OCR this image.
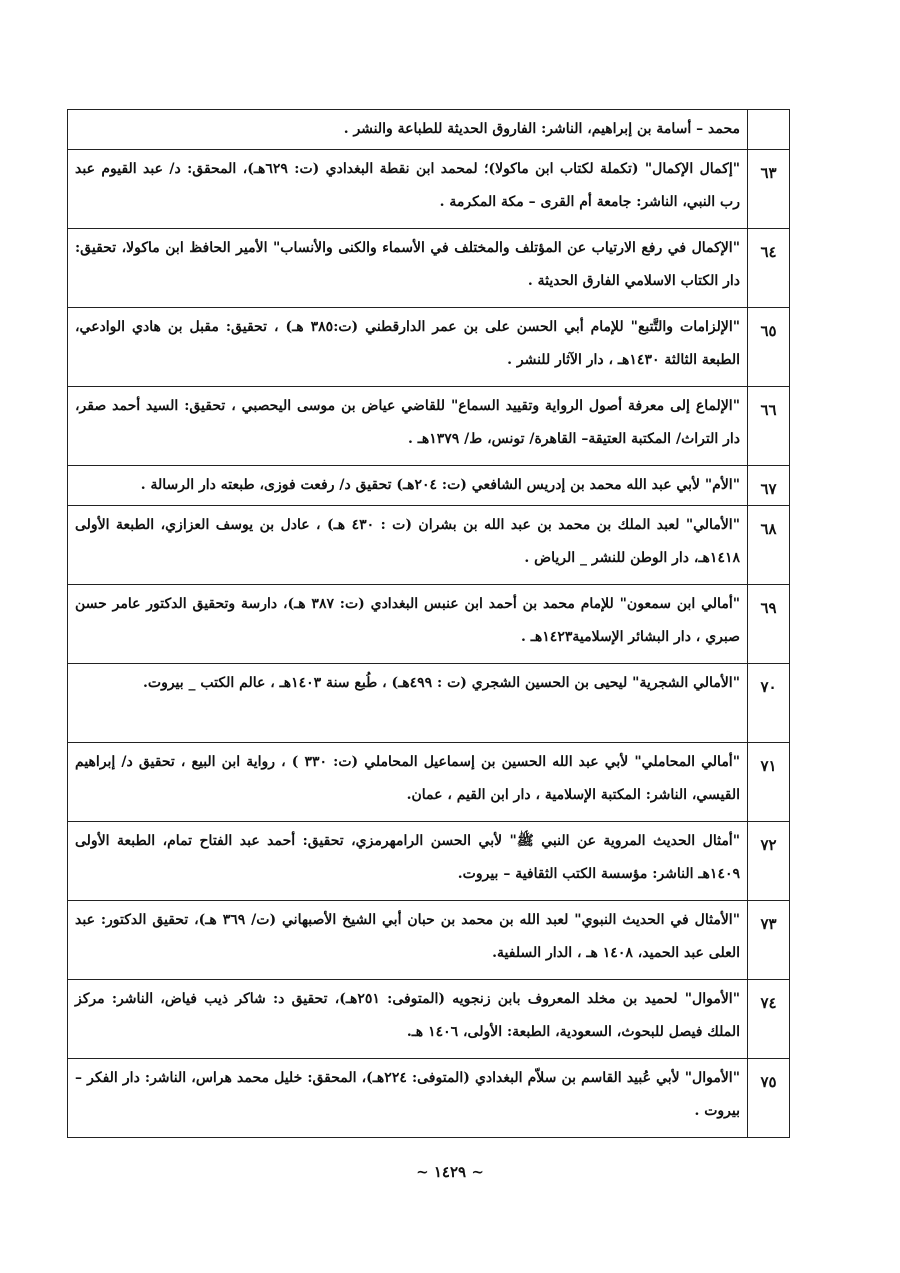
	محمد – أسامة بن إبراهيم، الناشر: الفاروق الحديثة للطباعة والنشر .
٦٣	"إكمال الإكمال" (تكملة لكتاب ابن ماكولا)؛ لمحمد ابن نقطة البغدادي (ت: ٦٢٩هـ)، المحقق: د/ عبد القيوم عبد رب النبي، الناشر: جامعة أم القرى – مكة المكرمة .
٦٤	"الإكمال في رفع الارتياب عن المؤتلف والمختلف في الأسماء والكنى والأنساب" الأمير الحافظ ابن ماكولا، تحقيق: دار الكتاب الاسلامي الفارق الحديثة .
٦٥	"الإلزامات والتَّتبع" للإمام أبي الحسن على بن عمر الدارقطني (ت:٣٨٥ هـ) ، تحقيق: مقبل بن هادي الوادعي، الطبعة الثالثة ١٤٣٠هـ ، دار الآثار للنشر .
٦٦	"الإلماع إلى معرفة أصول الرواية وتقييد السماع" للقاضي عياض بن موسى اليحصبي ، تحقيق: السيد أحمد صقر، دار التراث/ المكتبة العتيقة– القاهرة/ تونس، ط/ ١٣٧٩هـ .
٦٧	"الأم" لأبي عبد الله محمد بن إدريس الشافعي (ت: ٢٠٤هـ) تحقيق د/ رفعت فوزى، طبعته دار الرسالة .
٦٨	"الأمالي" لعبد الملك بن محمد بن عبد الله بن بشران (ت : ٤٣٠ هـ) ، عادل بن يوسف العزازي، الطبعة الأولى ١٤١٨هـ، دار الوطن للنشر _ الرياض .
٦٩	"أمالي ابن سمعون" للإمام محمد بن أحمد ابن عنبس البغدادي (ت: ٣٨٧ هـ)، دارسة وتحقيق الدكتور عامر حسن صبري ، دار البشائر الإسلامية١٤٢٣هـ .
٧٠	"الأمالي الشجرية" ليحيى بن الحسين الشجري (ت : ٤٩٩هـ) ، طُبع سنة ١٤٠٣هـ ، عالم الكتب _ بيروت.
٧١	"أمالي المحاملي" لأبي عبد الله الحسين بن إسماعيل المحاملي (ت: ٣٣٠ ) ، رواية ابن البيع ، تحقيق د/ إبراهيم القيسي، الناشر: المكتبة الإسلامية ، دار ابن القيم ، عمان.
٧٢	"أمثال الحديث المروية عن النبي ﷺ" لأبي الحسن الرامهرمزي، تحقيق: أحمد عبد الفتاح تمام، الطبعة الأولى ١٤٠٩هـ الناشر: مؤسسة الكتب الثقافية – بيروت.
٧٣	"الأمثال في الحديث النبوي" لعبد الله بن محمد بن حبان أبي الشيخ الأصبهاني (ت/ ٣٦٩ هـ)، تحقيق الدكتور: عبد العلى عبد الحميد، ١٤٠٨ هـ ، الدار السلفية.
٧٤	"الأموال" لحميد بن مخلد المعروف بابن زنجويه (المتوفى: ٢٥١هـ)، تحقيق د: شاكر ذيب فياض، الناشر: مركز الملك فيصل للبحوث، السعودية، الطبعة: الأولى، ١٤٠٦ هـ.
٧٥	"الأموال" لأبي عُبيد القاسم بن سلاّم البغدادي (المتوفى: ٢٢٤هـ)، المحقق: خليل محمد هراس، الناشر: دار الفكر – بيروت .
~ ١٤٢٩ ~
